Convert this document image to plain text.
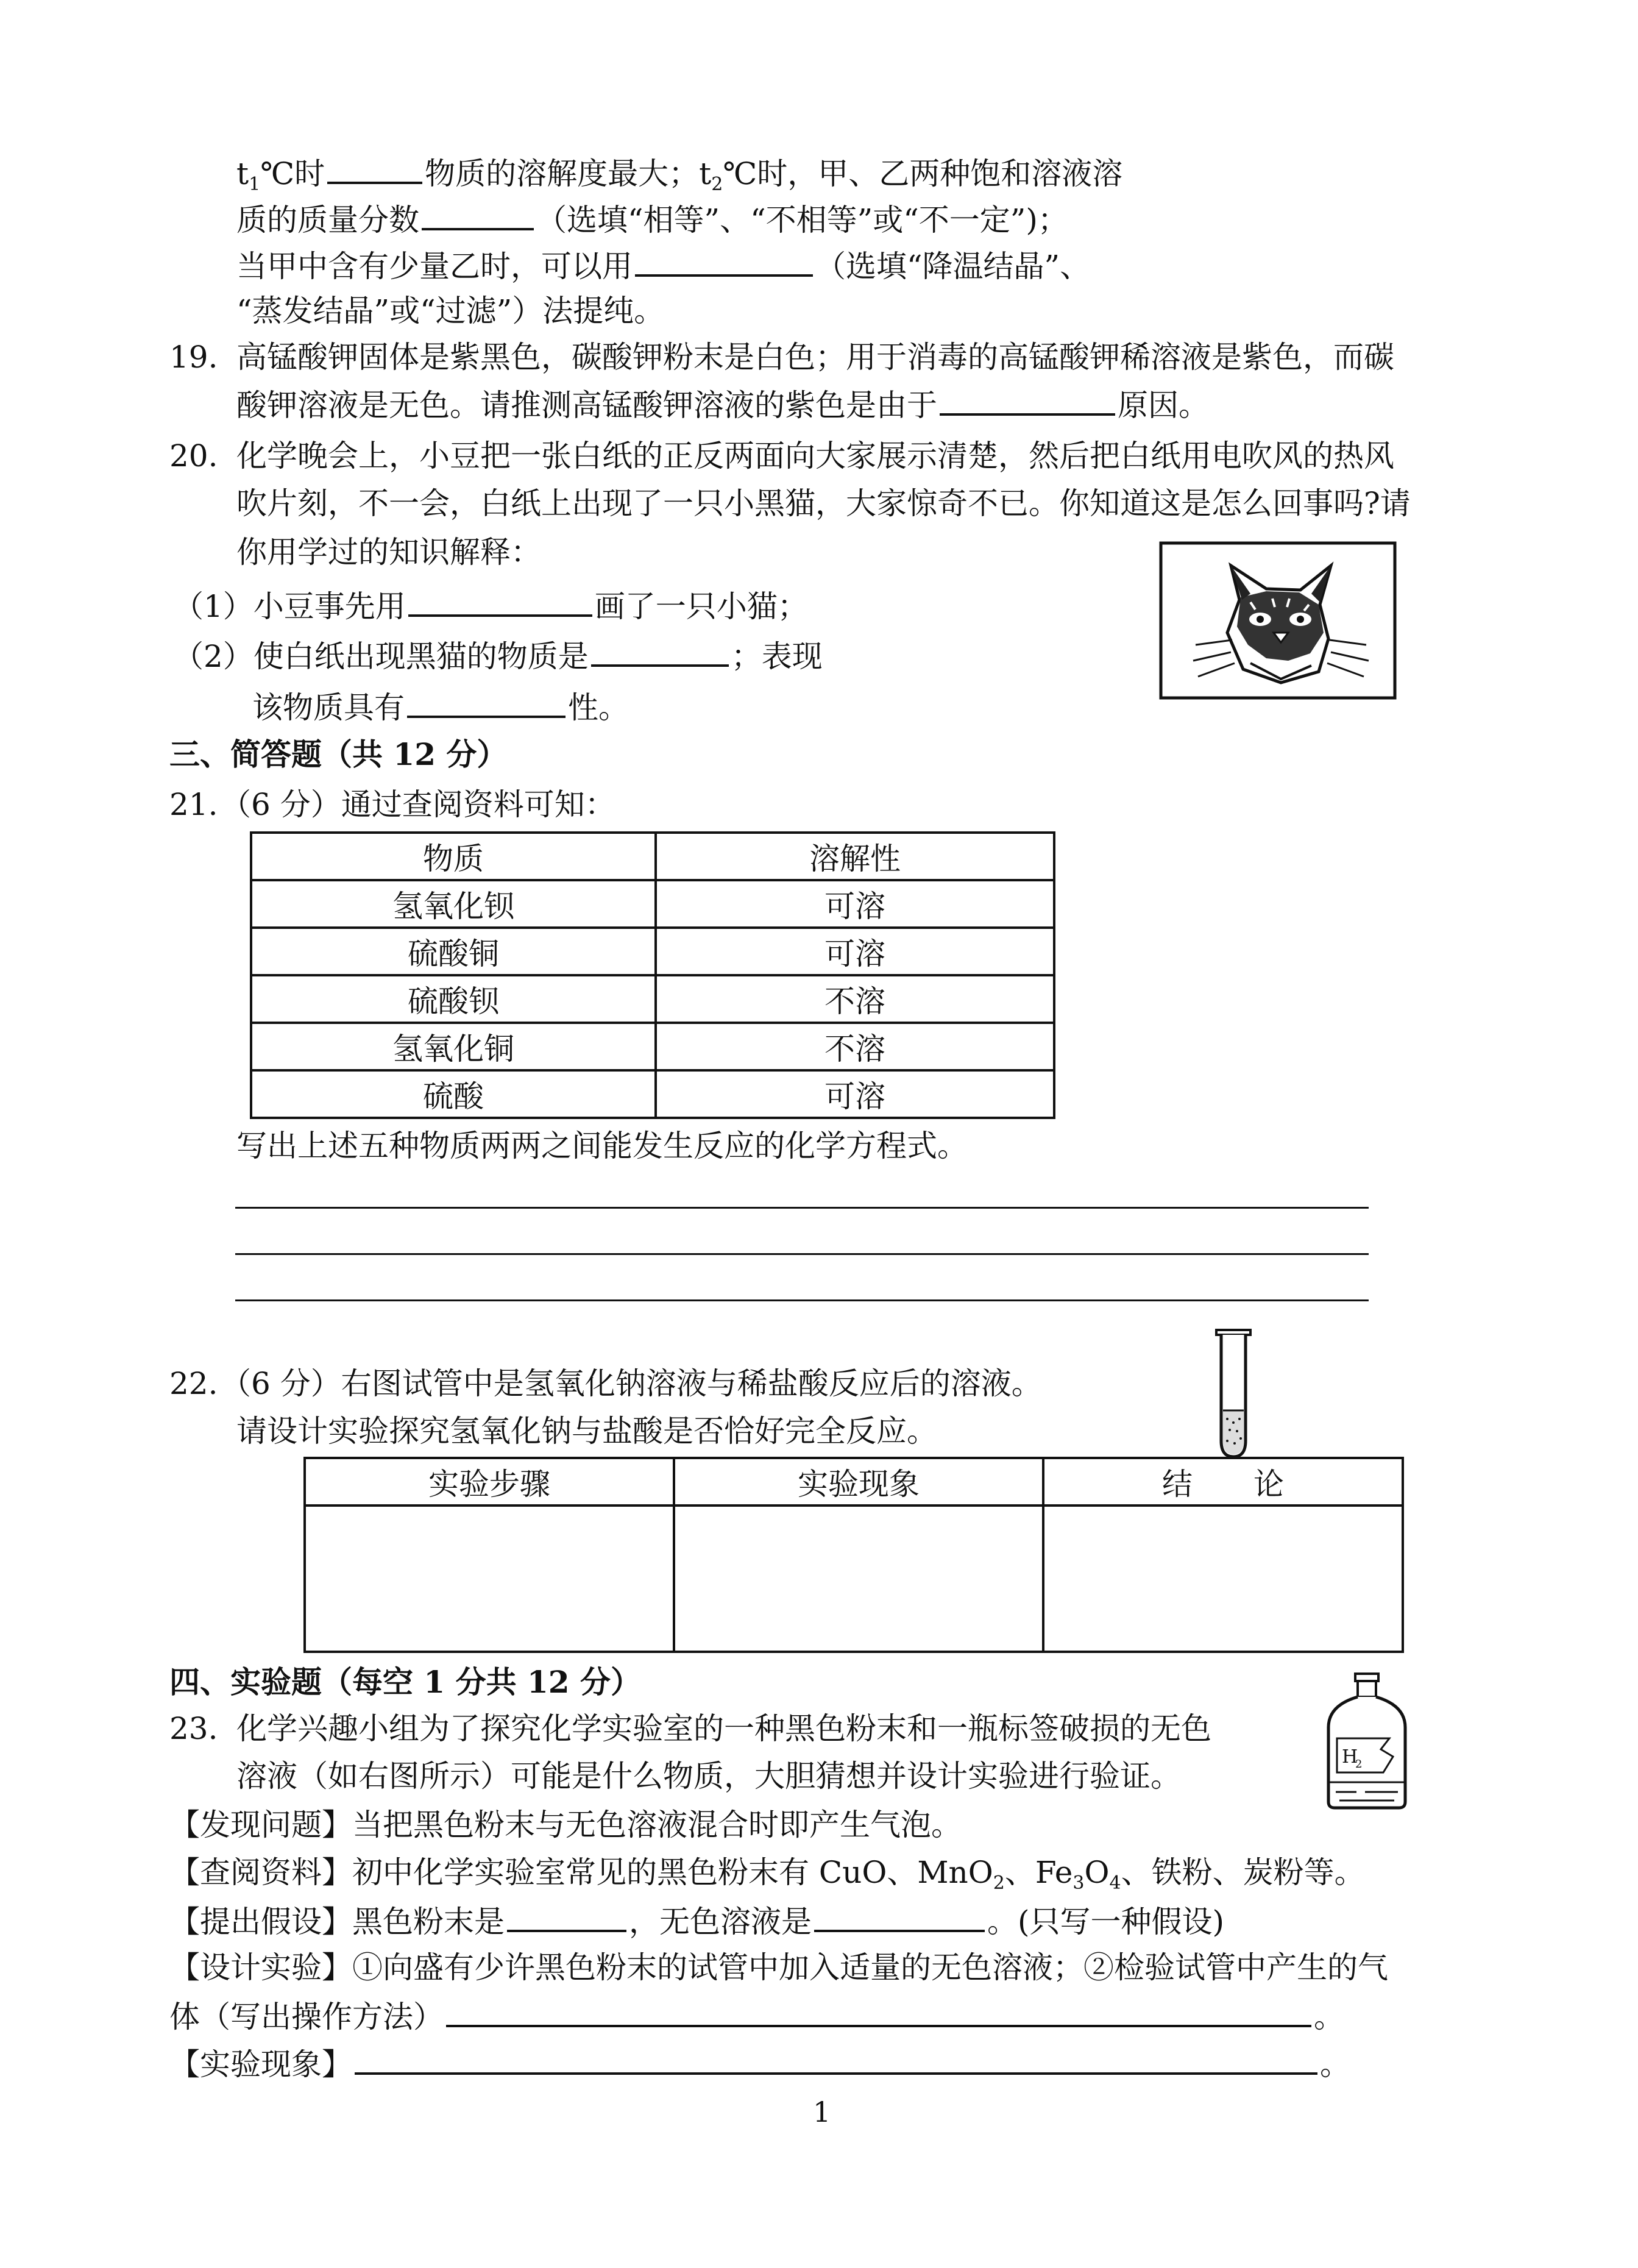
$t_1℃$时	物质的溶解度最大；$t_2℃$时，甲、乙两种饱和溶液溶
质的质量分数	（选填“相等”、“不相等”或“不一定”)；
当甲中含有少量乙时，可以用	（选填“降温结晶”、
“蒸发结晶”或“过滤”）法提纯。
19. 高锰酸钾固体是紫黑色，碳酸钾粉末是白色；用于消毒的高锰酸钾稀溶液是紫色，而碳
酸钾溶液是无色。请推测高锰酸钾溶液的紫色是由于	原因。
20. 化学晚会上，小豆把一张白纸的正反两面向大家展示清楚，然后把白纸用电吹风的热风
吹片刻，不一会，白纸上出现了一只小黑猫，大家惊奇不已。你知道这是怎么回事吗?请
你用学过的知识解释：
（1）小豆事先用	画了一只小猫；
（2）使白纸出现黑猫的物质是	；表现
该物质具有	性。
三、简答题（共 12 分）
21. （6 分）通过查阅资料可知：
物质	溶解性
氢氧化钡	可溶
硫酸铜	可溶
硫酸钡	不溶
氢氧化铜	不溶
硫酸	可溶
写出上述五种物质两两之间能发生反应的化学方程式。
22. （6 分）右图试管中是氢氧化钠溶液与稀盐酸反应后的溶液。
请设计实验探究氢氧化钠与盐酸是否恰好完全反应。
实验步骤	实验现象	结　　论

四、实验题（每空 1 分共 12 分）
23. 化学兴趣小组为了探究化学实验室的一种黑色粉末和一瓶标签破损的无色
溶液（如右图所示）可能是什么物质，大胆猜想并设计实验进行验证。
H
2
【发现问题】当把黑色粉末与无色溶液混合时即产生气泡。
【查阅资料】初中化学实验室常见的黑色粉末有 CuO、MnO$_2$、$Fe_3O_4$、铁粉、炭粉等。
【提出假设】黑色粉末是	，无色溶液是	。(只写一种假设)
【设计实验】①向盛有少许黑色粉末的试管中加入适量的无色溶液；②检验试管中产生的气
体（写出操作方法）	。
【实验现象】	。
1
